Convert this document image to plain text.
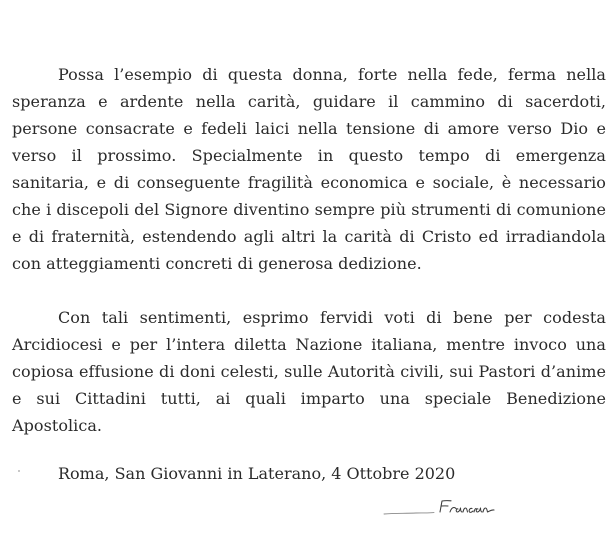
Possa l’esempio di questa donna, forte nella fede, ferma nella speranza e ardente nella carità, guidare il cammino di sacerdoti, persone consacrate e fedeli laici nella tensione di amore verso Dio e verso il prossimo. Specialmente in questo tempo di emergenza sanitaria, e di conseguente fragilità economica e sociale, è necessario che i discepoli del Signore diventino sempre più strumenti di comunione e di fraternità, estendendo agli altri la carità di Cristo ed irradiandola con atteggiamenti concreti di generosa dedizione.

Con tali sentimenti, esprimo fervidi voti di bene per codesta Arcidiocesi e per l’intera diletta Nazione italiana, mentre invoco una copiosa effusione di doni celesti, sulle Autorità civili, sui Pastori d’anime e sui Cittadini tutti, ai quali imparto una speciale Benedizione Apostolica.

Roma, San Giovanni in Laterano, 4 Ottobre 2020
